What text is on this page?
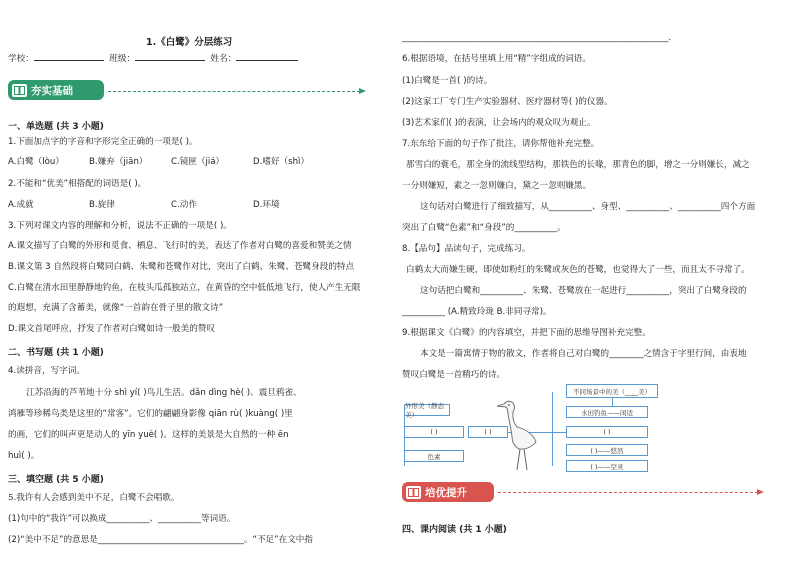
1.《白鹭》分层练习
学校：	班级：	姓名：
夯实基础
一、单选题 (共 3 小题)
1.下面加点字的字音和字形完全正确的一项是( )。
A.白鹭（lòu）	B.嫌弃（jiān）	C.镜匣（jiá）	D.嗜好（shì）
2.不能和“优美”相搭配的词语是( )。
A.成就	B.旋律	C.动作	D.环境
3.下列对课文内容的理解和分析，说法不正确的一项是( )。
A.课文描写了白鹭的外形和觅食、栖息、飞行时的美，表达了作者对白鹭的喜爱和赞美之情
B.课文第 3 自然段将白鹭同白鹤、朱鹭和苍鹭作对比，突出了白鹤、朱鹭、苍鹭身段的特点
C.白鹭在清水田里静静地钓鱼，在枝头瓜孤独站立，在黄昏的空中低低地飞行，使人产生无限
的遐想，充满了含蓄美，就像“一首韵在骨子里的散文诗”
D.课文首尾呼应，抒发了作者对白鹭如诗一般美的赞叹
二、书写题 (共 1 小题)
4.读拼音，写字词。
江苏沿海的芦苇地十分 shì yí( )鸟儿生活。dǎn dìng hè( )、震旦鸦雀、
鸿雁等珍稀鸟类是这里的“常客”。它们的翩翩身影像 qiān rù( )kuàng( )里
的画，它们的叫声更是动人的 yīn yuè( )。这样的美景是大自然的一种 ēn
huì( )。
三、填空题 (共 5 小题)
5.我许有人会感到美中不足，白鹭不会唱歌。
(1)句中的“我许”可以换成__________、__________等词语。
(2)“美中不足”的意思是__________________________________。“不足”在文中指
______________________________________________________________.
6.根据语境，在括号里填上用“精”字组成的词语。
(1)白鹭是一首( )的诗。
(2)这家工厂专门生产实验器材、医疗器材等( )的仪器。
(3)艺术家们( )的表演，让会场内的观众叹为观止。
7.东东给下面的句子作了批注，请你帮他补充完整。
那雪白的蓑毛，那全身的流线型结构，那铁色的长喙，那青色的脚，增之一分则嫌长，减之
一分则嫌短，素之一忽则嫌白，黛之一忽则嫌黑。
这句话对白鹭进行了细致描写，从__________、身型、__________、__________四个方面
突出了白鹭“色素”和“身段”的__________。
8.【品句】品读句子，完成练习。
白鹤太大而嫌生硬，即使如粉红的朱鹭或灰色的苍鹭，也觉得大了一些，而且太不寻常了。
这句话把白鹭和__________、朱鹭、苍鹭放在一起进行__________，突出了白鹭身段的
__________ (A.精致玲珑 B.非同寻常)。
9.根据课文《白鹭》的内容填空，并把下面的思维导图补充完整。
本文是一篇寓情于物的散文，作者将自己对白鹭的________之情含于字里行间，由衷地
赞叹白鹭是一首精巧的诗。
外形美（静态美）
( )	( )
色素
不同场景中的美（____美）
水田钓鱼——闲适
( )
( )——悠然
( )——空灵
培优提升
四、课内阅读 (共 1 小题)
